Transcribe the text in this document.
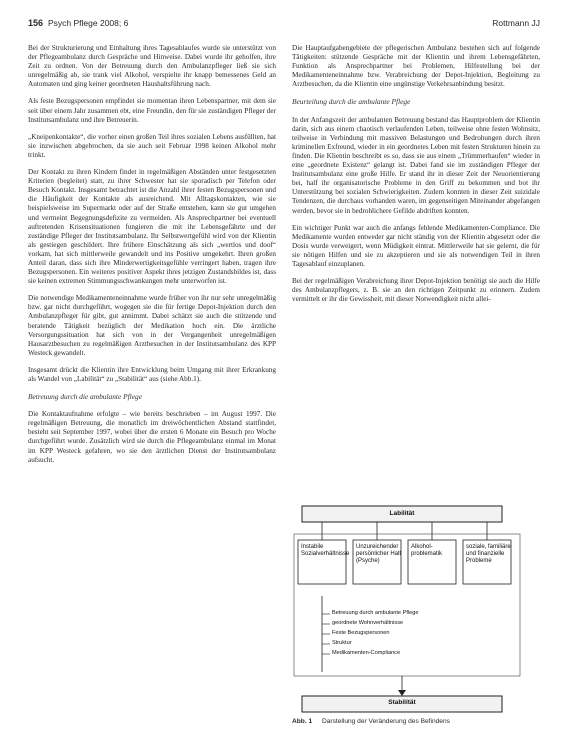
156 Psych Pflege 2008; 6	Rottmann JJ

Bei der Strukturierung und Einhaltung ihres Tagesablaufes wurde sie unterstützt von der Pflegeambulanz durch Gespräche und Hinweise. Dabei wurde ihr geholfen, ihre Zeit zu ordnen. Von der Betreuung durch den Ambulanzpfleger ließ sie sich unregelmäßig ab, sie trank viel Alkohol, verspielte ihr knapp bemessenes Geld an Automaten und ging keiner geordneten Haushaltsführung nach.

Als feste Bezugspersonen empfindet sie momentan ihren Lebenspartner, mit dem sie seit über einem Jahr zusammen ebt, eine Freundin, den für sie zuständigen Pfleger der Institutsambulanz und ihre Betreuerin.

„Kneipenkontakte“, die vorher einen großen Teil ihres sozialen Lebens ausfüllten, hat sie inzwischen abgebrochen, da sie auch seit Februar 1998 keinen Alkohol mehr trinkt.

Der Kontakt zu ihren Kindern findet in regelmäßigen Abständen unter festgesetzten Kriterien (begleitet) statt, zu ihrer Schwester hat sie sporadisch per Telefon oder Besuch Kontakt. Insgesamt betrachtet ist die Anzahl ihrer festen Bezugspersonen und die Häufigkeit der Kontakte als ausreichend. Mit Alltagskontakten, wie sie beispielsweise im Supermarkt oder auf der Straße entstehen, kann sie gut umgehen und vermeint Begegnungsdefizite zu vermeiden. Als Ansprechpartner bei eventuell auftretenden Krisensituationen fungieren die mit ihr Lebensgefährte und der zuständige Pfleger der Institutsambulanz. Ihr Selbstwertgefühl wird von der Klientin als gestiegen geschildert. Ihre frühere Einschätzung als sich „wertlos und doof“ vorkam, hat sich mittlerweile gewandelt und ins Positive umgekehrt. Ihren großen Anteil daran, dass sich ihre Minderwertigkeitsgefühle verringert haben, tragen ihre Bezugspersonen. Ein weiteres positiver Aspekt ihres jetzigen Zustandsbildes ist, dass sie keinen extremen Stimmungsschwankungen mehr unterworfen ist.

Die notwendige Medikamenteneinnahme wurde früher von ihr nur sehr unregelmäßig bzw. gar nicht durchgeführt, wogegen sie die für fertige Depot-Injektion durch den Ambulanzpfleger für gibt, gut annimmt. Dabei schätzt sie auch die stützende und beratende Tätigkeit bezüglich der Medikation hoch ein. Die ärztliche Versorgungssituation hat sich von in der Vergangenheit unregelmäßigen Hausarztbesuchen zu regelmäßigen Arztbesuchen in der Institutsambulanz des KPP Westeck gewandelt.

Insgesamt drückt die Klientin ihre Entwicklung beim Umgang mit ihrer Erkrankung als Wandel von „Labilität“ zu „Stabilität“ aus (siehe Abb.1).

Betreuung durch die ambulante Pflege

Die Kontaktaufnahme erfolgte – wie bereits beschrieben – im August 1997. Die regelmäßigen Betreuung, die monatlich im dreiwöchentlichen Abstand stattfindet, besteht seit September 1997, wobei über die ersten 6 Monate ein Besuch pro Woche durchgeführt wurde. Zusätzlich wird sie durch die Pflegeambulanz einmal im Monat im KPP Westeck gefahren, wo sie den ärztlichen Dienst der Institutsambulanz aufsucht.

Die Hauptaufgabengebiete der pflegerischen Ambulanz bestehen sich auf folgende Tätigkeiten: stützende Gespräche mit der Klientin und ihrem Lebensgefährten, Funktion als Ansprechpartner bei Problemen, Hilfestellung bei der Medikamenteneinnahme bzw. Verabreichung der Depot-Injektion, Begleitung zu Arztbesuchen, da die Klientin eine ungünstige Verkehrsanbindung besitzt.

Beurteilung durch die ambulante Pflege

In der Anfangszeit der ambulanten Betreuung bestand das Hauptproblem der Klientin darin, sich aus einem chaotisch verlaufenden Leben, teilweise ohne festen Wohnsitz, teilweise in Verbindung mit massiven Belastungen und Bedrohungen durch ihren kriminellen Exfreund, wieder in ein geordnetes Leben mit festen Strukturen hinein zu finden. Die Klientin beschreibt es so, dass sie aus einem „Trümmerhaufen“ wieder in eine „geordnete Existenz“ gelangt ist. Dabei fand sie im zuständigen Pfleger der Institutsambulanz eine große Hilfe. Er stand ihr in dieser Zeit der Neuorientierung bei, half ihr organisatorische Probleme in den Griff zu bekommen und bot ihr Unterstützung bei sozialen Schwierigkeiten. Zudem konnten in dieser Zeit suizidale Tendenzen, die durchaus vorhanden waren, im gegenseitigen Miteinander abgefangen werden, bevor sie in bedrohlichere Gefilde abdriften konnten.

Ein wichtiger Punkt war auch die anfangs fehlende Medikamenten-Compliance. Die Medikamente wurden entweder gar nicht ständig von der Klientin abgesetzt oder die Dosis wurde verweigert, wenn Müdigkeit eintrat. Mittlerweile hat sie gelernt, die für sie nötigen Hilfen und sie zu akzeptieren und sie als notwendigen Teil in ihren Tagesablauf einzuplanen.

Bei der regelmäßigen Verabreichung ihrer Depot-Injektion benötigt sie auch die Hilfe des Ambulanzpflegers, z. B. sie an den richtigen Zeitpunkt zu erinnern. Zudem vermittelt er ihr die Gewissheit, mit dieser Notwendigkeit nicht allei-

Labilität
Instabile Sozialverhältnisse
Unzureichender persönlicher Halt (Psyche)
Alkohol-problematik
soziale, familiäre und finanzielle Probleme
Betreuung durch ambulante Pflege
geordnete Wohnverhältnisse
Feste Bezugspersonen
Struktur
Medikamenten-Compliance
Stabilität
Abb. 1 Darstellung der Veränderung des Befindens
